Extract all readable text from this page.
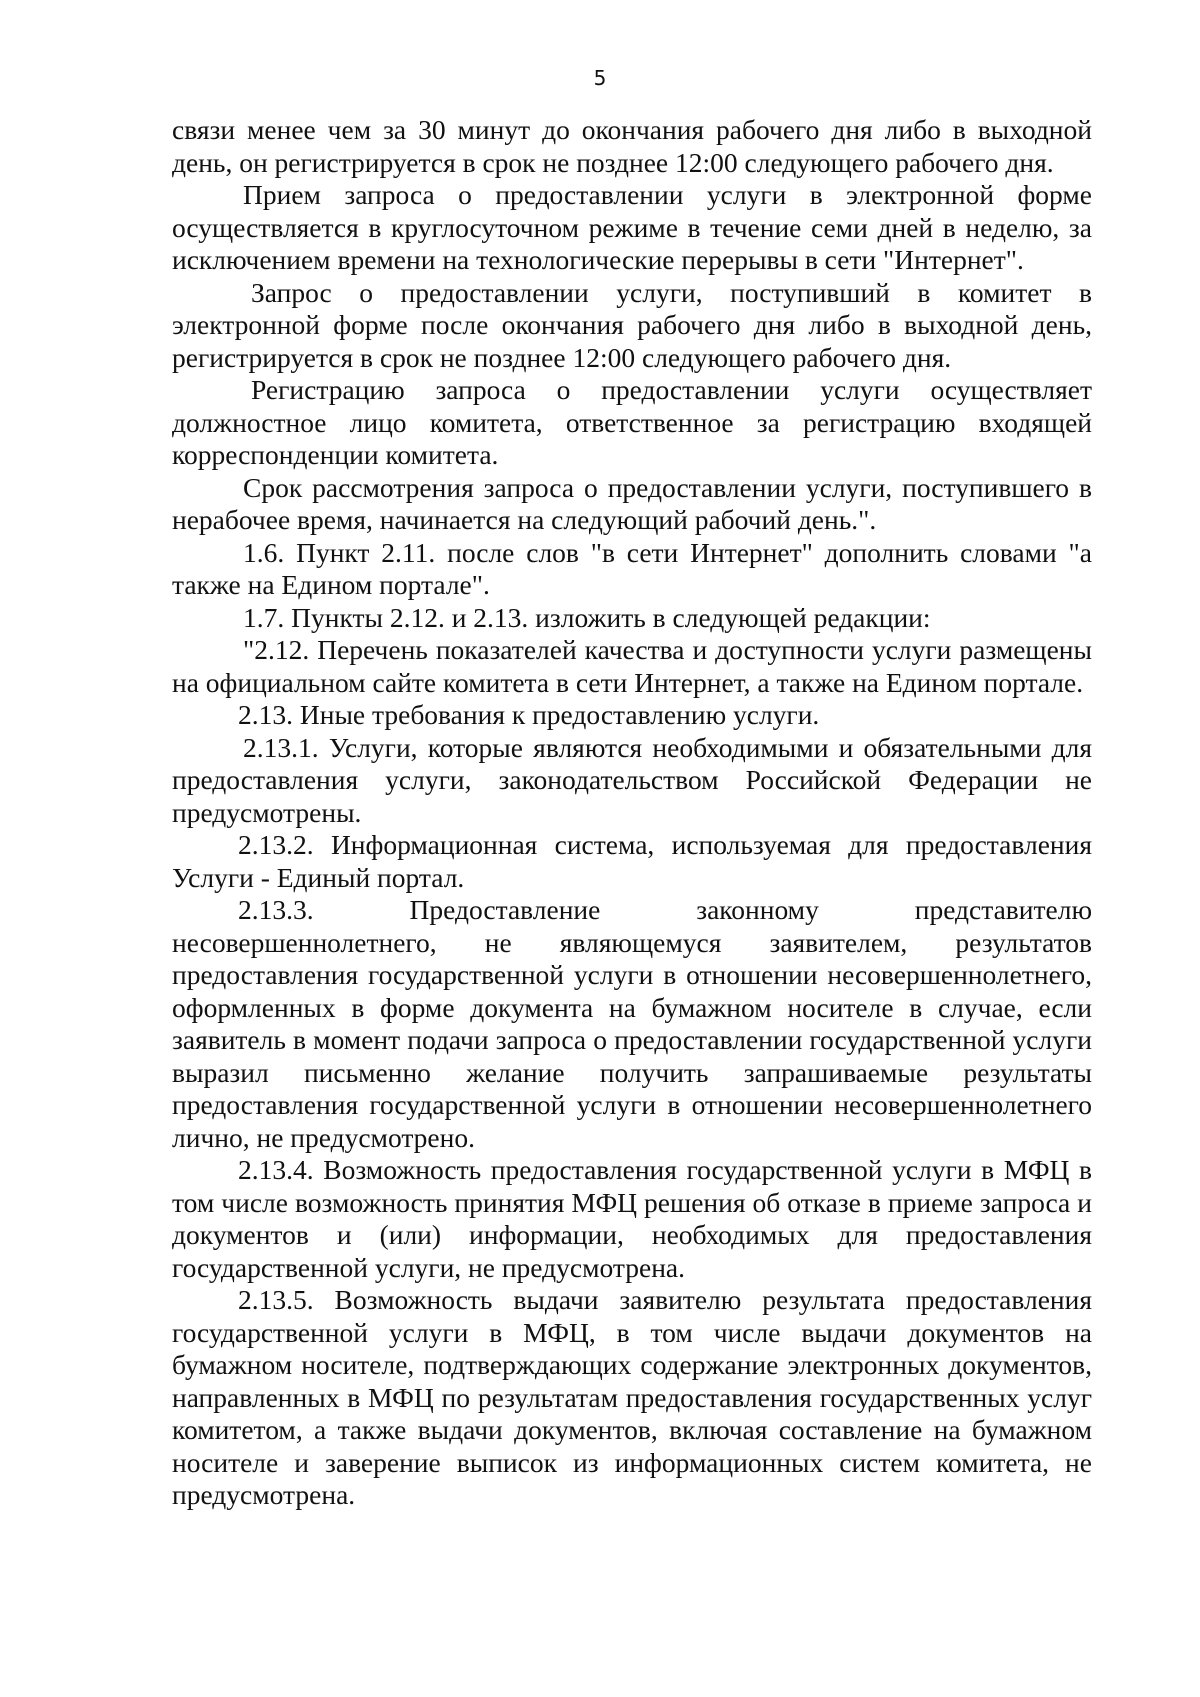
5

связи менее чем за 30 минут до окончания рабочего дня либо в выходной день, он регистрируется в срок не позднее 12:00 следующего рабочего дня.

Прием запроса о предоставлении услуги в электронной форме осуществляется в круглосуточном режиме в течение семи дней в неделю, за исключением времени на технологические перерывы в сети "Интернет".

Запрос о предоставлении услуги, поступивший в комитет в электронной форме после окончания рабочего дня либо в выходной день, регистрируется в срок не позднее 12:00 следующего рабочего дня.

Регистрацию запроса о предоставлении услуги осуществляет должностное лицо комитета, ответственное за регистрацию входящей корреспонденции комитета.

Срок рассмотрения запроса о предоставлении услуги, поступившего в нерабочее время, начинается на следующий рабочий день.".

1.6. Пункт 2.11. после слов "в сети Интернет" дополнить словами "а также на Едином портале".

1.7. Пункты 2.12. и 2.13. изложить в следующей редакции:

"2.12. Перечень показателей качества и доступности услуги размещены на официальном сайте комитета в сети Интернет, а также на Едином портале.

2.13. Иные требования к предоставлению услуги.

2.13.1. Услуги, которые являются необходимыми и обязательными для предоставления услуги, законодательством Российской Федерации не предусмотрены.

2.13.2. Информационная система, используемая для предоставления Услуги - Единый портал.

2.13.3. Предоставление законному представителю несовершеннолетнего, не являющемуся заявителем, результатов предоставления государственной услуги в отношении несовершеннолетнего, оформленных в форме документа на бумажном носителе в случае, если заявитель в момент подачи запроса о предоставлении государственной услуги выразил письменно желание получить запрашиваемые результаты предоставления государственной услуги в отношении несовершеннолетнего лично, не предусмотрено.

2.13.4. Возможность предоставления государственной услуги в МФЦ в том числе возможность принятия МФЦ решения об отказе в приеме запроса и документов и (или) информации, необходимых для предоставления государственной услуги, не предусмотрена.

2.13.5. Возможность выдачи заявителю результата предоставления государственной услуги в МФЦ, в том числе выдачи документов на бумажном носителе, подтверждающих содержание электронных документов, направленных в МФЦ по результатам предоставления государственных услуг комитетом, а также выдачи документов, включая составление на бумажном носителе и заверение выписок из информационных систем комитета, не предусмотрена.
